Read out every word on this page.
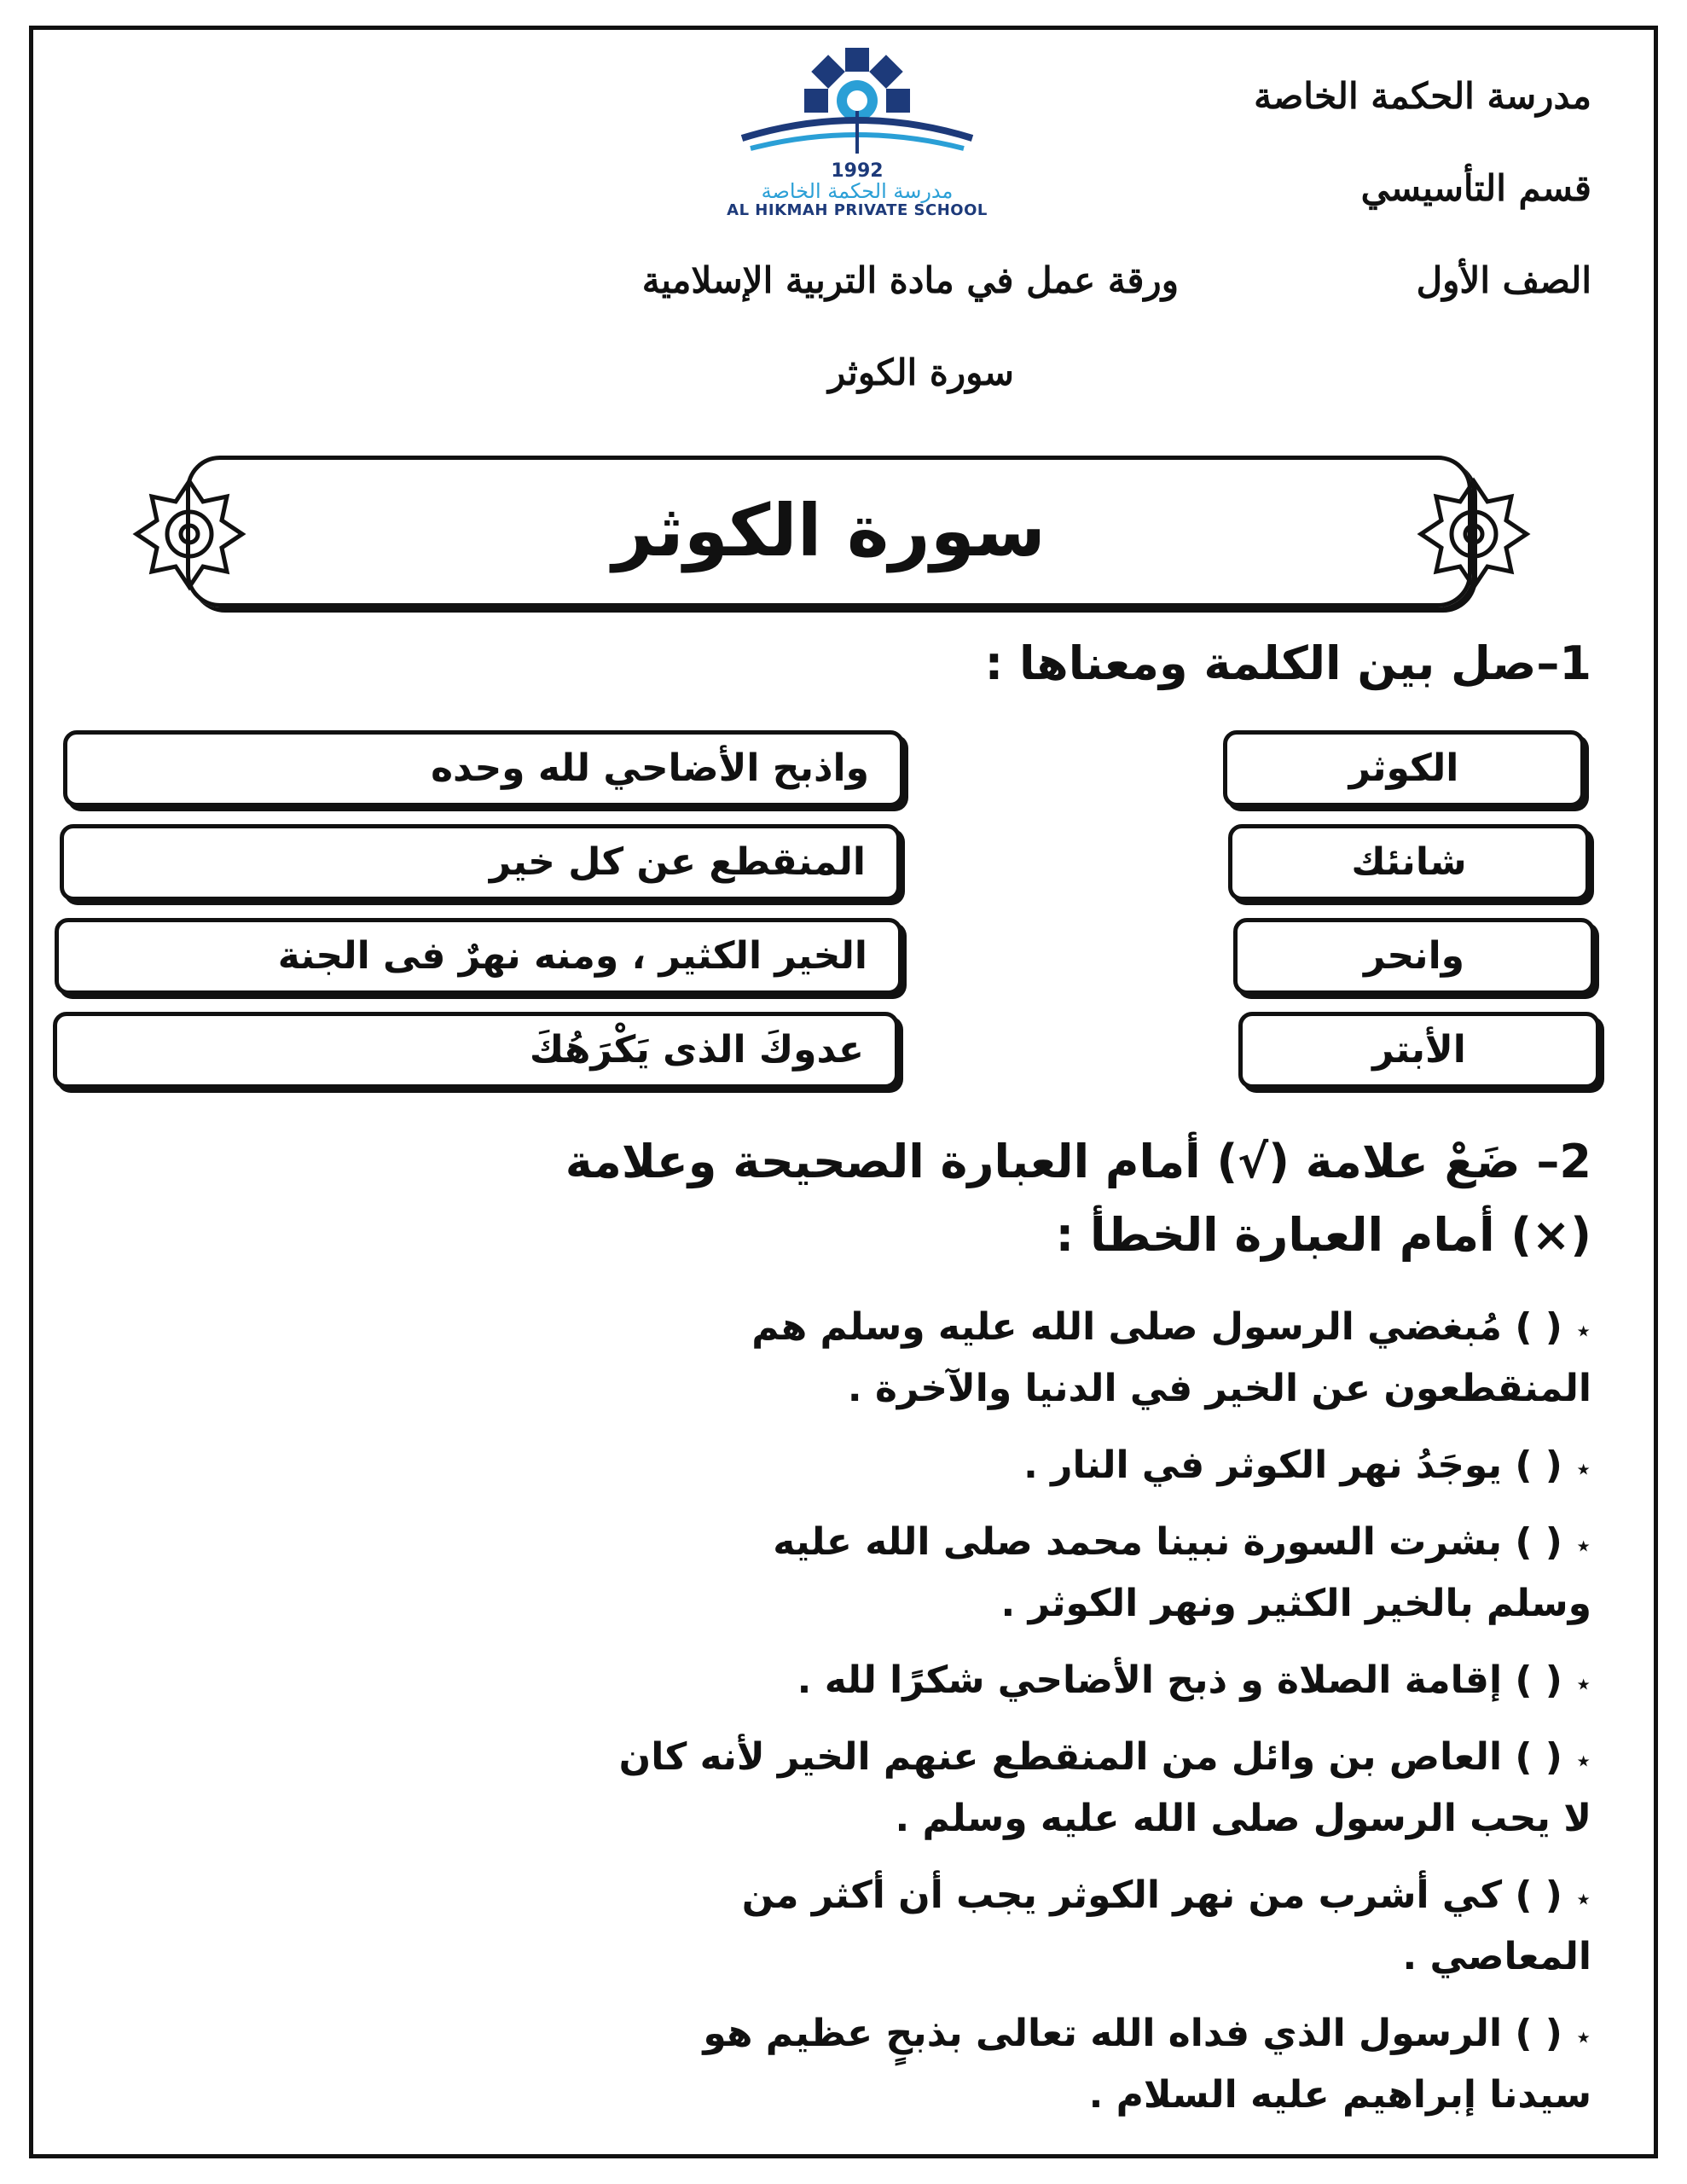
مدرسة الحكمة الخاصة
قسم التأسيسي
الصف الأول
ورقة عمل في مادة التربية الإسلامية
سورة الكوثر
1992
مدرسة الحكمة الخاصة
AL HIKMAH PRIVATE SCHOOL
سورة الكوثر
1–صل بين الكلمة ومعناها :
الكوثر
شانئك
وانحر
الأبتر
واذبح الأضاحي لله وحده
المنقطع عن كل خير
الخير الكثير ، ومنه نهرٌ فى الجنة
عدوكَ الذى يَكْرَهُكَ
2– ضَعْ علامة (√) أمام العبارة الصحيحة وعلامة
(×) أمام العبارة الخطأ :
⋆ ( ) مُبغضي الرسول صلى الله عليه وسلم هم
المنقطعون عن الخير في الدنيا والآخرة .
⋆ ( ) يوجَدُ نهر الكوثر في النار .
⋆ ( ) بشرت السورة نبينا محمد صلى الله عليه
وسلم بالخير الكثير ونهر الكوثر .
⋆ ( ) إقامة الصلاة و ذبح الأضاحي شكرًا لله .
⋆ ( ) العاص بن وائل من المنقطع عنهم الخير لأنه كان
لا يحب الرسول صلى الله عليه وسلم .
⋆ ( ) كي أشرب من نهر الكوثر يجب أن أكثر من
المعاصي .
⋆ ( ) الرسول الذي فداه الله تعالى بذبحٍ عظيم هو
سيدنا إبراهيم عليه السلام .
